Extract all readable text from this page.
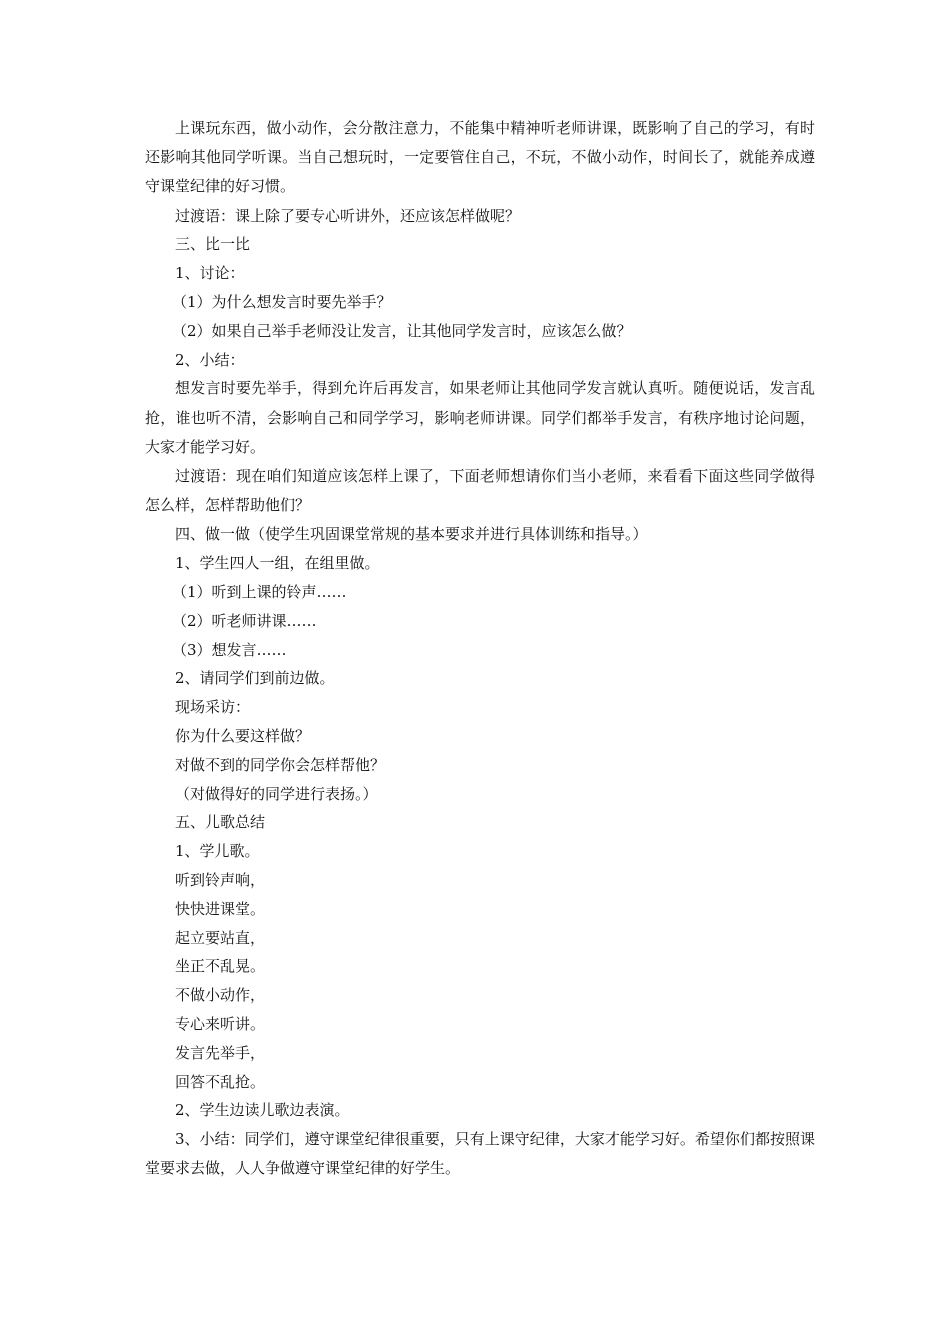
上课玩东西，做小动作，会分散注意力，不能集中精神听老师讲课，既影响了自己的学习，有时还影响其他同学听课。当自己想玩时，一定要管住自己，不玩，不做小动作，时间长了，就能养成遵守课堂纪律的好习惯。

过渡语：课上除了要专心听讲外，还应该怎样做呢？

三、比一比

1、讨论：

（1）为什么想发言时要先举手？

（2）如果自己举手老师没让发言，让其他同学发言时，应该怎么做？

2、小结：

想发言时要先举手，得到允许后再发言，如果老师让其他同学发言就认真听。随便说话，发言乱抢，谁也听不清，会影响自己和同学学习，影响老师讲课。同学们都举手发言，有秩序地讨论问题，大家才能学习好。

过渡语：现在咱们知道应该怎样上课了，下面老师想请你们当小老师，来看看下面这些同学做得怎么样，怎样帮助他们？

四、做一做（使学生巩固课堂常规的基本要求并进行具体训练和指导。）

1、学生四人一组，在组里做。

（1）听到上课的铃声……

（2）听老师讲课……

（3）想发言……

2、请同学们到前边做。

现场采访：

你为什么要这样做？

对做不到的同学你会怎样帮他？

（对做得好的同学进行表扬。）

五、儿歌总结

1、学儿歌。

听到铃声响，

快快进课堂。

起立要站直，

坐正不乱晃。

不做小动作，

专心来听讲。

发言先举手，

回答不乱抢。

2、学生边读儿歌边表演。

3、小结：同学们，遵守课堂纪律很重要，只有上课守纪律，大家才能学习好。希望你们都按照课堂要求去做，人人争做遵守课堂纪律的好学生。
